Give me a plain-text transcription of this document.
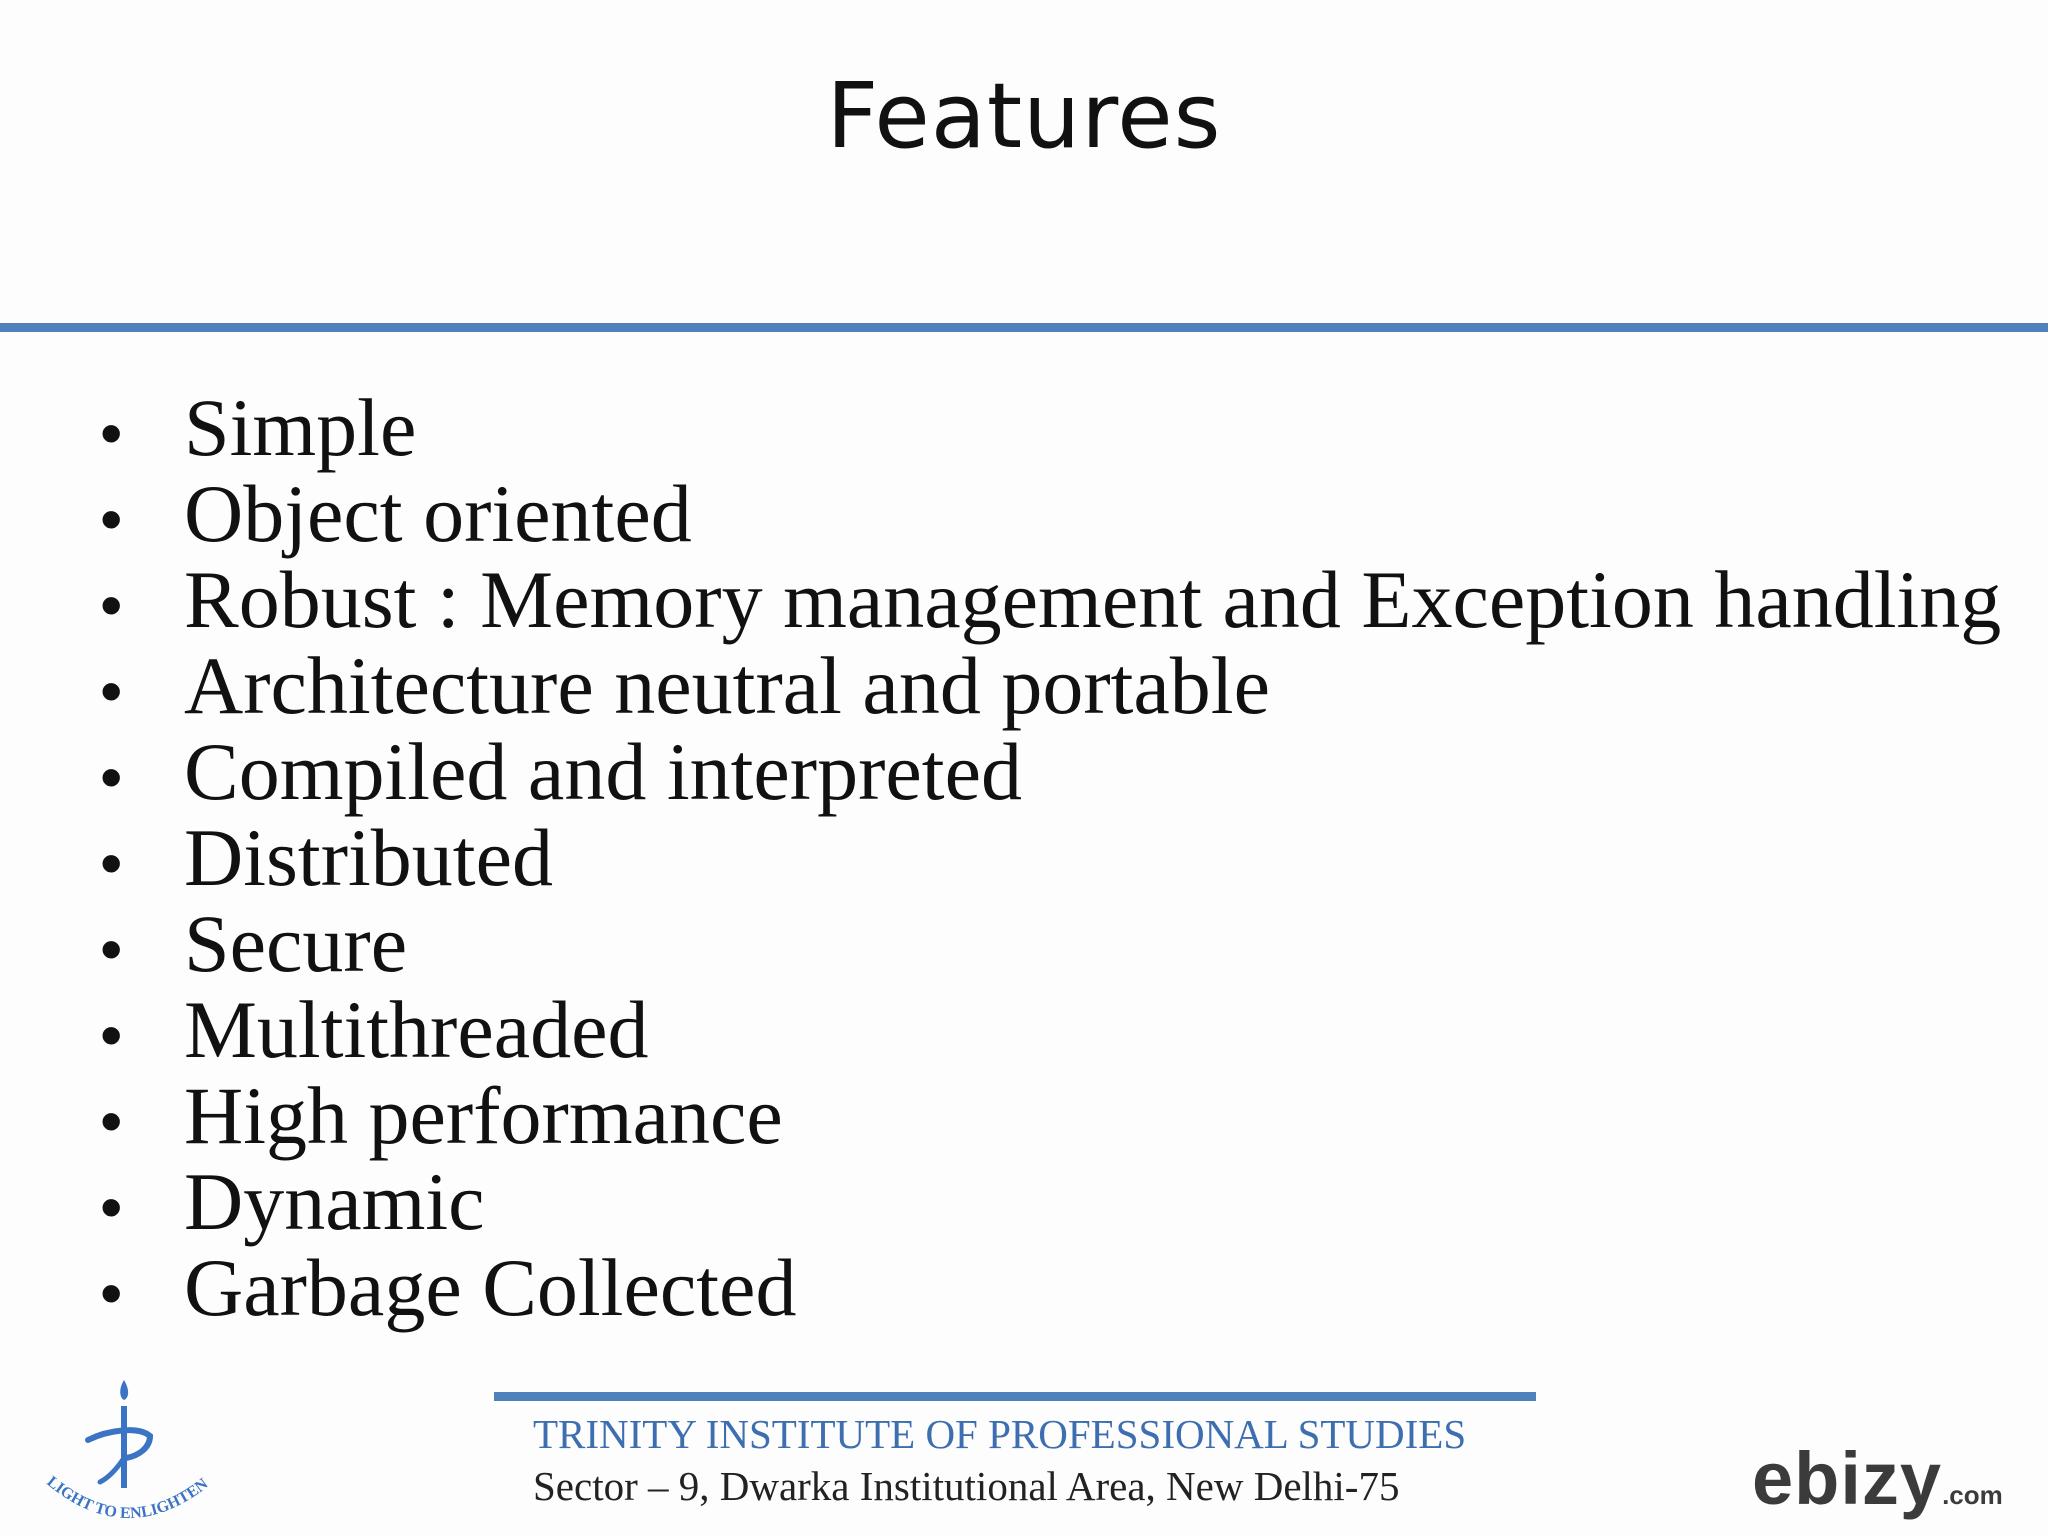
Features
• Simple
• Object oriented
• Robust : Memory management and Exception handling
• Architecture neutral and portable
• Compiled and interpreted
• Distributed
• Secure
• Multithreaded
• High performance
• Dynamic
• Garbage Collected
LIGHT TO ENLIGHTEN
TRINITY INSTITUTE OF PROFESSIONAL STUDIES
Sector – 9, Dwarka Institutional Area, New Delhi-75	ebizy.com
